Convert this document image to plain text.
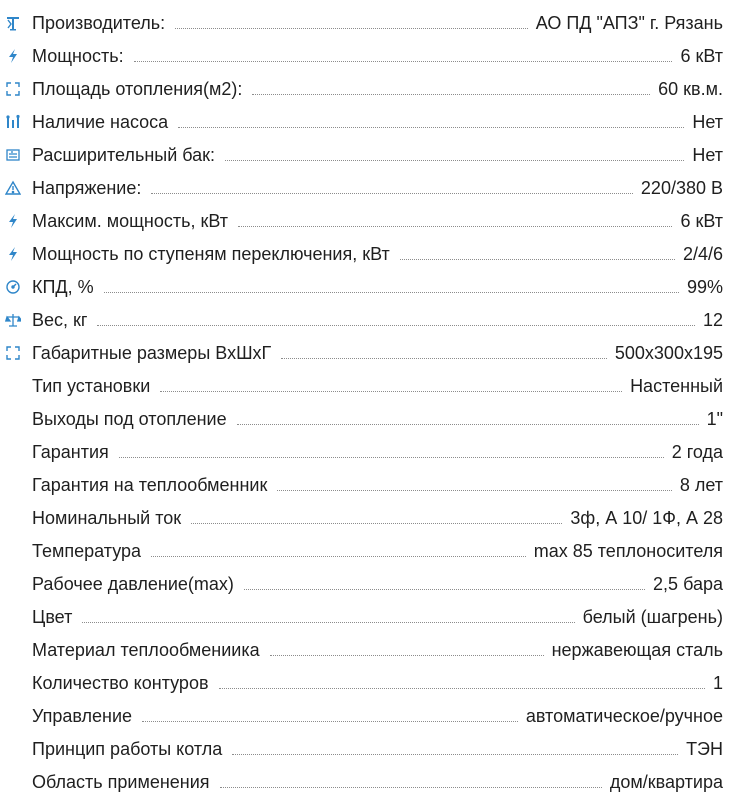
Производитель:	АО ПД "АПЗ" г. Рязань
Мощность:	6 кВт
Площадь отопления(м2):	60 кв.м.
Наличие насоса	Нет
Расширительный бак:	Нет
Напряжение:	220/380 В
Максим. мощность, кВт	6 кВт
Мощность по ступеням переключения, кВт	2/4/6
КПД, %	99%
Вес, кг	12
Габаритные размеры ВхШхГ	500х300х195
Тип установки	Настенный
Выходы под отопление	1"
Гарантия	2 года
Гарантия на теплообменник	8 лет
Номинальный ток	3ф, А 10/ 1Ф, А 28
Температура	max 85 теплоносителя
Рабочее давление(max)	2,5 бара
Цвет	белый (шагрень)
Материал теплообмениика	нержавеющая сталь
Количество контуров	1
Управление	автоматическое/ручное
Принцип работы котла	ТЭН
Область применения	дом/квартира
